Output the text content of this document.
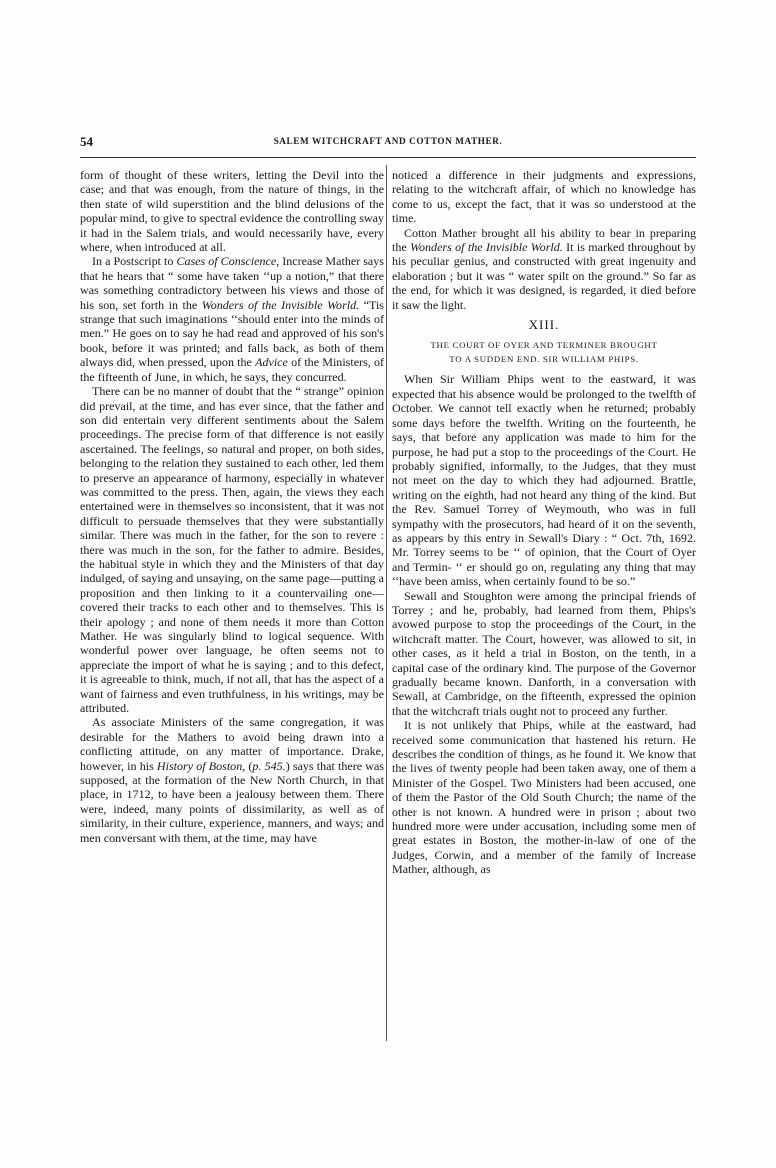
54	SALEM WITCHCRAFT AND COTTON MATHER.

form of thought of these writers, letting the Devil into the case; and that was enough, from the nature of things, in the then state of wild superstition and the blind delusions of the popular mind, to give to spectral evidence the controlling sway it had in the Salem trials, and would necessarily have, every where, when introduced at all.

In a Postscript to Cases of Conscience, Increase Mather says that he hears that “ some have taken ‘‘up a notion,” that there was something contradictory between his views and those of his son, set forth in the Wonders of the Invisible World. “Tis strange that such imaginations ‘‘should enter into the minds of men.” He goes on to say he had read and approved of his son's book, before it was printed; and falls back, as both of them always did, when pressed, upon the Advice of the Ministers, of the fifteenth of June, in which, he says, they concurred.

There can be no manner of doubt that the “ strange” opinion did prevail, at the time, and has ever since, that the father and son did entertain very different sentiments about the Salem proceedings. The precise form of that difference is not easily ascertained. The feelings, so natural and proper, on both sides, belonging to the relation they sustained to each other, led them to preserve an appearance of harmony, especially in whatever was committed to the press. Then, again, the views they each entertained were in themselves so inconsistent, that it was not difficult to persuade themselves that they were substantially similar. There was much in the father, for the son to revere : there was much in the son, for the father to admire. Besides, the habitual style in which they and the Ministers of that day indulged, of saying and unsaying, on the same page—putting a proposition and then linking to it a countervailing one—covered their tracks to each other and to themselves. This is their apology ; and none of them needs it more than Cotton Mather. He was singularly blind to logical sequence. With wonderful power over language, he often seems not to appreciate the import of what he is saying ; and to this defect, it is agreeable to think, much, if not all, that has the aspect of a want of fairness and even truthfulness, in his writings, may be attributed.

As associate Ministers of the same congregation, it was desirable for the Mathers to avoid being drawn into a conflicting attitude, on any matter of importance. Drake, however, in his History of Boston, (p. 545.) says that there was supposed, at the formation of the New North Church, in that place, in 1712, to have been a jealousy between them. There were, indeed, many points of dissimilarity, as well as of similarity, in their culture, experience, manners, and ways; and men conversant with them, at the time, may have

noticed a difference in their judgments and expressions, relating to the witchcraft affair, of which no knowledge has come to us, except the fact, that it was so understood at the time.

Cotton Mather brought all his ability to bear in preparing the Wonders of the Invisible World. It is marked throughout by his peculiar genius, and constructed with great ingenuity and elaboration ; but it was “ water spilt on the ground.” So far as the end, for which it was designed, is regarded, it died before it saw the light.

XIII.
THE COURT OF OYER AND TERMINER BROUGHT
TO A SUDDEN END. SIR WILLIAM PHIPS.

When Sir William Phips went to the eastward, it was expected that his absence would be prolonged to the twelfth of October. We cannot tell exactly when he returned; probably some days before the twelfth. Writing on the fourteenth, he says, that before any application was made to him for the purpose, he had put a stop to the proceedings of the Court. He probably signified, informally, to the Judges, that they must not meet on the day to which they had adjourned. Brattle, writing on the eighth, had not heard any thing of the kind. But the Rev. Samuel Torrey of Weymouth, who was in full sympathy with the prosecutors, had heard of it on the seventh, as appears by this entry in Sewall's Diary : “ Oct. 7th, 1692. Mr. Torrey seems to be ‘‘ of opinion, that the Court of Oyer and Termin- ‘‘ er should go on, regulating any thing that may ‘‘have been amiss, when certainly found to be so.”

Sewall and Stoughton were among the principal friends of Torrey ; and he, probably, had learned from them, Phips's avowed purpose to stop the proceedings of the Court, in the witchcraft matter. The Court, however, was allowed to sit, in other cases, as it held a trial in Boston, on the tenth, in a capital case of the ordinary kind. The purpose of the Governor gradually became known. Danforth, in a conversation with Sewall, at Cambridge, on the fifteenth, expressed the opinion that the witchcraft trials ought not to proceed any further.

It is not unlikely that Phips, while at the eastward, had received some communication that hastened his return. He describes the condition of things, as he found it. We know that the lives of twenty people had been taken away, one of them a Minister of the Gospel. Two Ministers had been accused, one of them the Pastor of the Old South Church; the name of the other is not known. A hundred were in prison ; about two hundred more were under accusation, including some men of great estates in Boston, the mother-in-law of one of the Judges, Corwin, and a member of the family of Increase Mather, although, as
